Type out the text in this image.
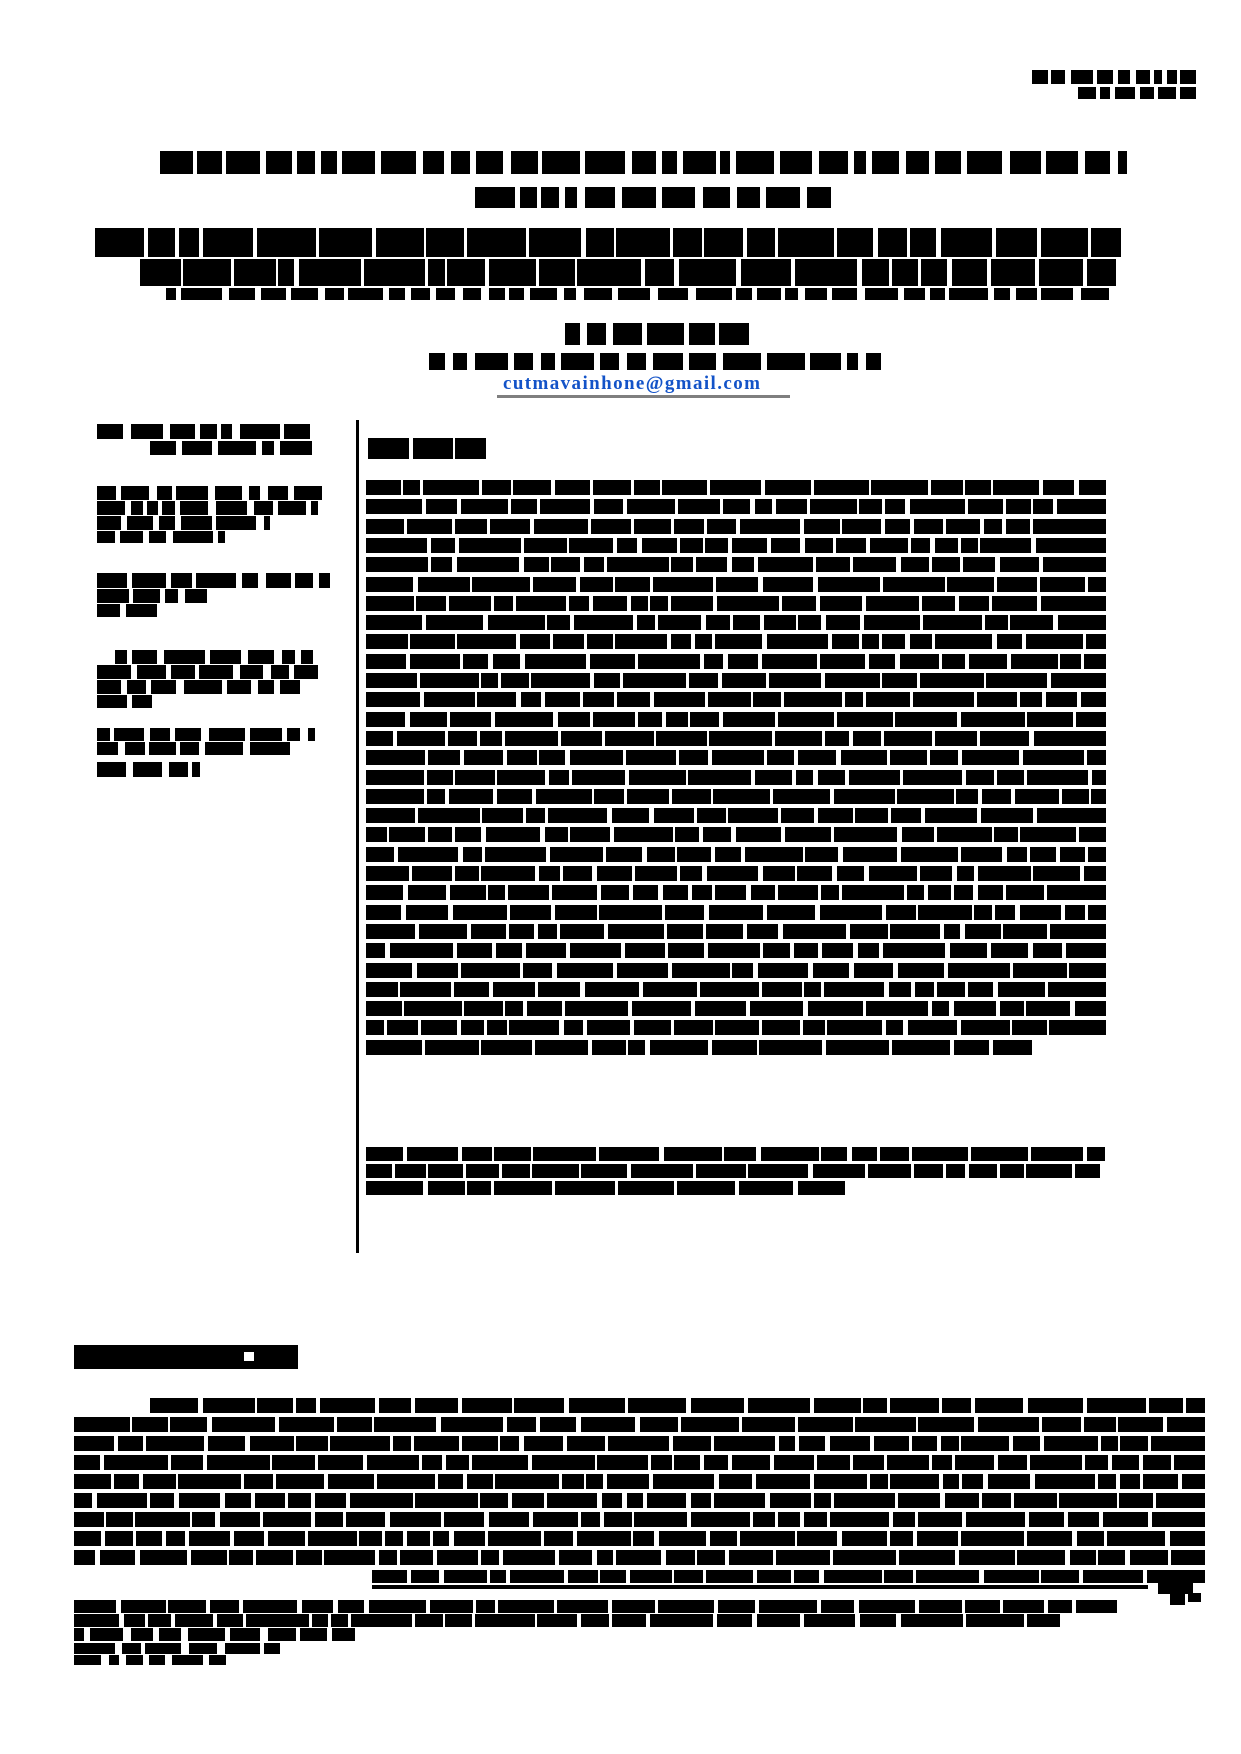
cutmavainhone@gmail.com
